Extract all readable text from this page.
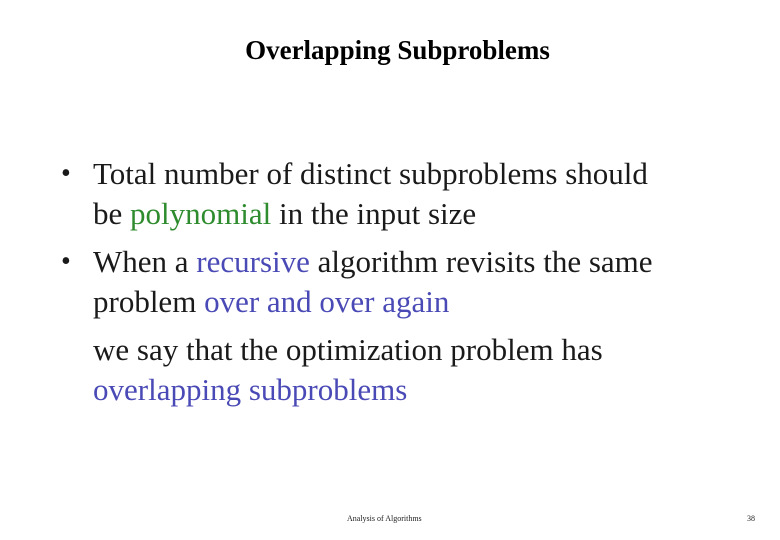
Overlapping Subproblems
• Total number of distinct subproblems should
be polynomial in the input size
• When a recursive algorithm revisits the same
problem over and over again
we say that the optimization problem has
overlapping subproblems
Analysis of Algorithms	38
